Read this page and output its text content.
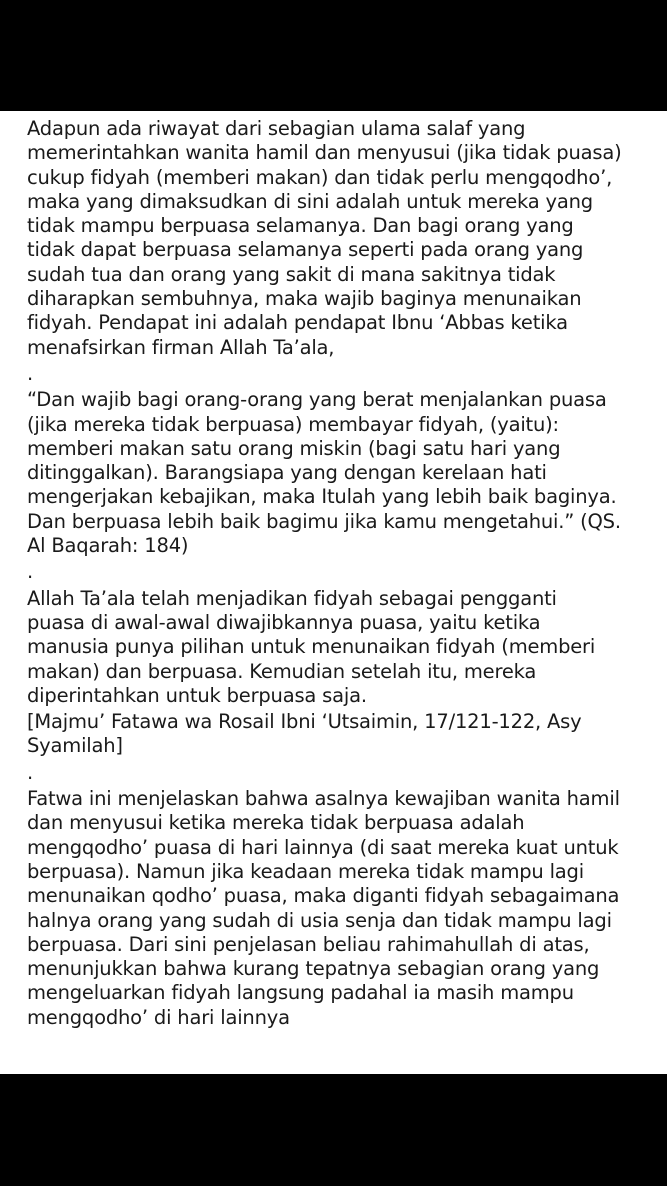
Adapun ada riwayat dari sebagian ulama salaf yang
memerintahkan wanita hamil dan menyusui (jika tidak puasa)
cukup fidyah (memberi makan) dan tidak perlu mengqodho’,
maka yang dimaksudkan di sini adalah untuk mereka yang
tidak mampu berpuasa selamanya. Dan bagi orang yang
tidak dapat berpuasa selamanya seperti pada orang yang
sudah tua dan orang yang sakit di mana sakitnya tidak
diharapkan sembuhnya, maka wajib baginya menunaikan
fidyah. Pendapat ini adalah pendapat Ibnu ‘Abbas ketika
menafsirkan firman Allah Ta’ala,

.

“Dan wajib bagi orang-orang yang berat menjalankan puasa
(jika mereka tidak berpuasa) membayar fidyah, (yaitu):
memberi makan satu orang miskin (bagi satu hari yang
ditinggalkan). Barangsiapa yang dengan kerelaan hati
mengerjakan kebajikan, maka Itulah yang lebih baik baginya.
Dan berpuasa lebih baik bagimu jika kamu mengetahui.” (QS.
Al Baqarah: 184)

.

Allah Ta’ala telah menjadikan fidyah sebagai pengganti
puasa di awal-awal diwajibkannya puasa, yaitu ketika
manusia punya pilihan untuk menunaikan fidyah (memberi
makan) dan berpuasa. Kemudian setelah itu, mereka
diperintahkan untuk berpuasa saja.

[Majmu’ Fatawa wa Rosail Ibni ‘Utsaimin, 17/121-122, Asy
Syamilah]

.

Fatwa ini menjelaskan bahwa asalnya kewajiban wanita hamil
dan menyusui ketika mereka tidak berpuasa adalah
mengqodho’ puasa di hari lainnya (di saat mereka kuat untuk
berpuasa). Namun jika keadaan mereka tidak mampu lagi
menunaikan qodho’ puasa, maka diganti fidyah sebagaimana
halnya orang yang sudah di usia senja dan tidak mampu lagi
berpuasa. Dari sini penjelasan beliau rahimahullah di atas,
menunjukkan bahwa kurang tepatnya sebagian orang yang
mengeluarkan fidyah langsung padahal ia masih mampu
mengqodho’ di hari lainnya
